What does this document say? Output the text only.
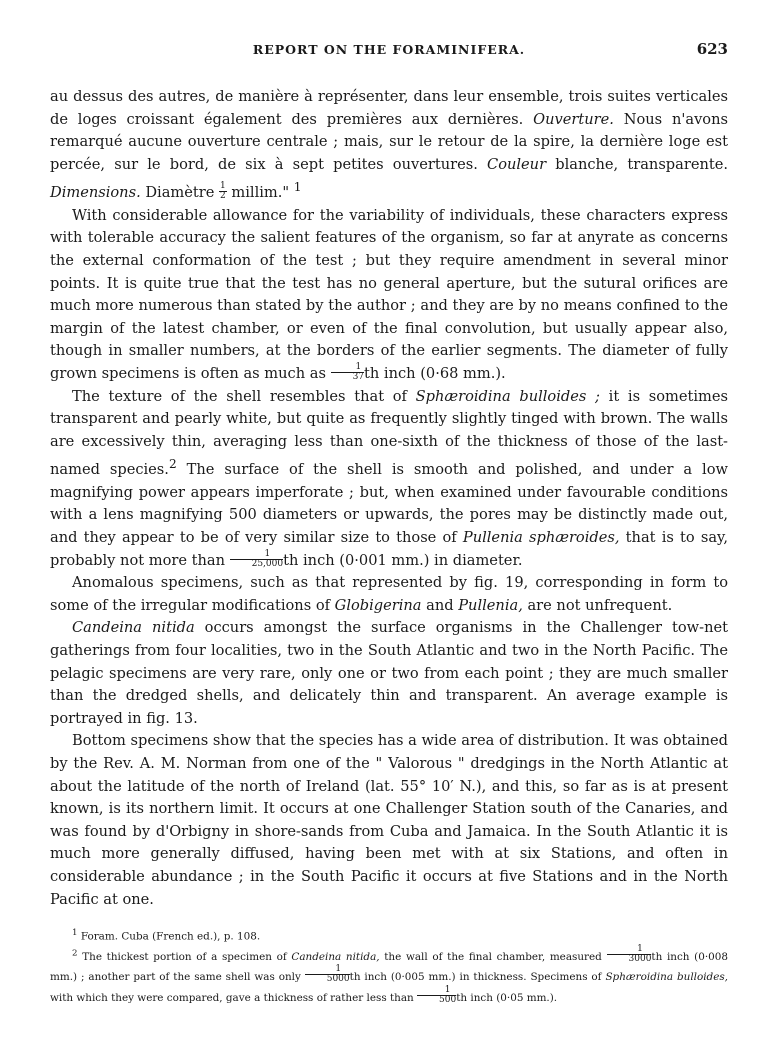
REPORT ON THE FORAMINIFERA.	623

au dessus des autres, de manière à représenter, dans leur ensemble, trois suites verticales de loges croissant également des premières aux dernières. Ouverture. Nous n'avons remarqué aucune ouverture centrale ; mais, sur le retour de la spire, la dernière loge est percée, sur le bord, de six à sept petites ouvertures. Couleur blanche, transparente. Dimensions. Diamètre $\frac{1}{2} millim$." $^1$

With considerable allowance for the variability of individuals, these characters express with tolerable accuracy the salient features of the organism, so far at anyrate as concerns the external conformation of the test ; but they require amendment in several minor points. It is quite true that the test has no general aperture, but the sutural orifices are much more numerous than stated by the author ; and they are by no means confined to the margin of the latest chamber, or even of the final convolution, but usually appear also, though in smaller numbers, at the borders of the earlier segments. The diameter of fully grown specimens is often as much as $\frac{1}{37}$ th inch (0·68 mm.).

The texture of the shell resembles that of Sphæroidina bulloides ; it is sometimes transparent and pearly white, but quite as frequently slightly tinged with brown. The walls are excessively thin, averaging less than one-sixth of the thickness of those of the last-named species.$^2$ The surface of the shell is smooth and polished, and under a low magnifying power appears imperforate ; but, when examined under favourable conditions with a lens magnifying 500 diameters or upwards, the pores may be distinctly made out, and they appear to be of very similar size to those of Pullenia sphæroides, that is to say, probably not more than $\frac{1}{25,000}$ th inch (0·001 mm.) in diameter.

Anomalous specimens, such as that represented by fig. 19, corresponding in form to some of the irregular modifications of Globigerina and Pullenia, are not unfrequent.

Candeina nitida occurs amongst the surface organisms in the Challenger tow-net gatherings from four localities, two in the South Atlantic and two in the North Pacific. The pelagic specimens are very rare, only one or two from each point ; they are much smaller than the dredged shells, and delicately thin and transparent. An average example is portrayed in fig. 13.

Bottom specimens show that the species has a wide area of distribution. It was obtained by the Rev. A. M. Norman from one of the " Valorous " dredgings in the North Atlantic at about the latitude of the north of Ireland (lat. 55° 10′ N.), and this, so far as is at present known, is its northern limit. It occurs at one Challenger Station south of the Canaries, and was found by d'Orbigny in shore-sands from Cuba and Jamaica. In the South Atlantic it is much more generally diffused, having been met with at six Stations, and often in considerable abundance ; in the South Pacific it occurs at five Stations and in the North Pacific at one.

$^1$ Foram. Cuba (French ed.), p. 108.

$^2$ The thickest portion of a specimen of Candeina nitida, the wall of the final chamber, measured $\frac{1}{3000}$ th inch (0·008 mm.) ; another part of the same shell was only $\frac{1}{5000}$ th inch (0·005 mm.) in thickness. Specimens of Sphæroidina bulloides, with which they were compared, gave a thickness of rather less than $\frac{1}{500}$ th inch (0·05 mm.).
